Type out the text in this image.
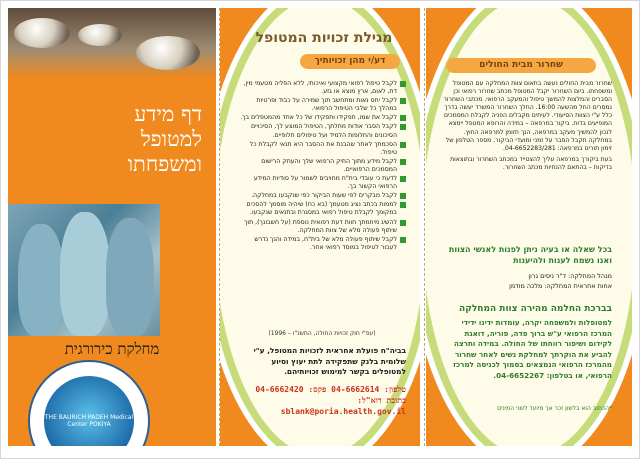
דף מידע
למטופל
ומשפחתו
מחלקת כירורגית
THE BAURICH PADEH Medical Center POKIYA
מגילת זכויות המטופל
דע/י מהן זכויותיך
לקבל טיפול רפואי מקצועי ואיכותי, ללא הפליה מטעמי מין, דת, לאום, ארץ מוצא או גזע.
לקבל יחס נאות ומתחשב תוך שמירה על כבוד ופרטיות במהלך כל שלבי הטיפול הרפואי.
לקבל את שמו, תפקידו ותפקידו של כל אחד מהמטפלים בך.
לקבל הסבר אודות מחלתך, הטיפול המוצע לך, הסיכויים הסיכונים והחלופות הלמיד ועל טיפולים חלופיים.
הסכמתך לאחר שהבנת את ההסבר היא תנאי לקבלת כל טיפול.
לקבל מידע מתוך התיק הרפואי שלך והעתק הרישום המסמכים הרפואיים.
לדעת כי עובדי בית"ח מחויבים לשמור על סודיות המידע הרפואי הקשור בך.
לקבל מבקרים לפי שעות הביקור כפי שנקבעו במחלקה.
לממות בכתב נציג מטעמך (בא כח) שיהיה מוסמך להסכים במקומך לקבלת טיפול רפואי במסגרת ובתנאים שנקבעו.
להשיג מיוזמתך חוות דעת רפואית נוספת (על חשבונך), תוך שיתוף פעולה מלא של צוות המחלקה.
לקבל שיתוף פעולה מלא של בית"ח, במידה והנך נדרש לעבור לטיפול במוסד רפואי אחר.
(עפ"י חוק זכויות החולה, התשנ"ו – 1996)
בביה"ח פועלת אחראית לזכויות המטופל, ע"י שלומית בלנק שתפקידה לתת יעוץ וסיוע למטופלים בקשר למימוש זכויותיהם.
טלפון: 04-6662614 פקס: 04-6662420
כתובת דוא"ל: sblank@poria.health.gov.il
שחרור מבית החולים
שחרור מבית החולים נעשה בתאום צוות המחלקה עם המטופל ומשפחתו. ביום השחרור יקבל המטופל מכתב שחרור רפואי וכן הסברים והמלצות להמשך טיפול והמעקב הרפואי. מכתבי השחרור נמסרים החל מהשעה 16:00. החלך השחרור המשרד יעשה בדרך כלל ע"י הצוות הסיעודי. לעיתים מקבלים הפניה לקבלת המסמכים המופיעים בדוח. ביקור במרפאה – במידה והרופא המטפל יימצא לנכון להמשיך מעקב במרפאה, הנך תזומן למרפאה החוץ. במחלקה תקבל הסבר על זמני ומועדי הביקור. מספר הטלפון של זימון תורים במרפאה: 04-6652283/281.
בעת ביקורך במרפאה עליך להצטייד במכתב השחרור ובתוצאות בדיקות – בהתאם להנחיות מכתב השחרור.
בכל שאלה או בעיה ניתן לפנות לאנשי הצוות ואנו נשמח לענות ולהיענות
מנהל המחלקה: ד"ר ניסים גרון
אחות אחראית המחלקה: מלכה מודמן
בברכת החלמה מהירה צוות המחלקה
למטופלות ולמשפחה יקרה, עומדות ידינו ידידי המרכז הרפואי ע"ש ברוך פדה, פוריה, דואגת לקידום ושיפור רווחתו של החולה. במידה ותרצה להביע את הוקרתך למחלקת נשים לאחר שחרור מהמרכז הרפואי הנמצאים בסמוך לכניסה למרכז הרפואי, או בטלפון: 04-6652267.
*הכתוב הוא בלשון זכר אך מיועד לשני המינים
